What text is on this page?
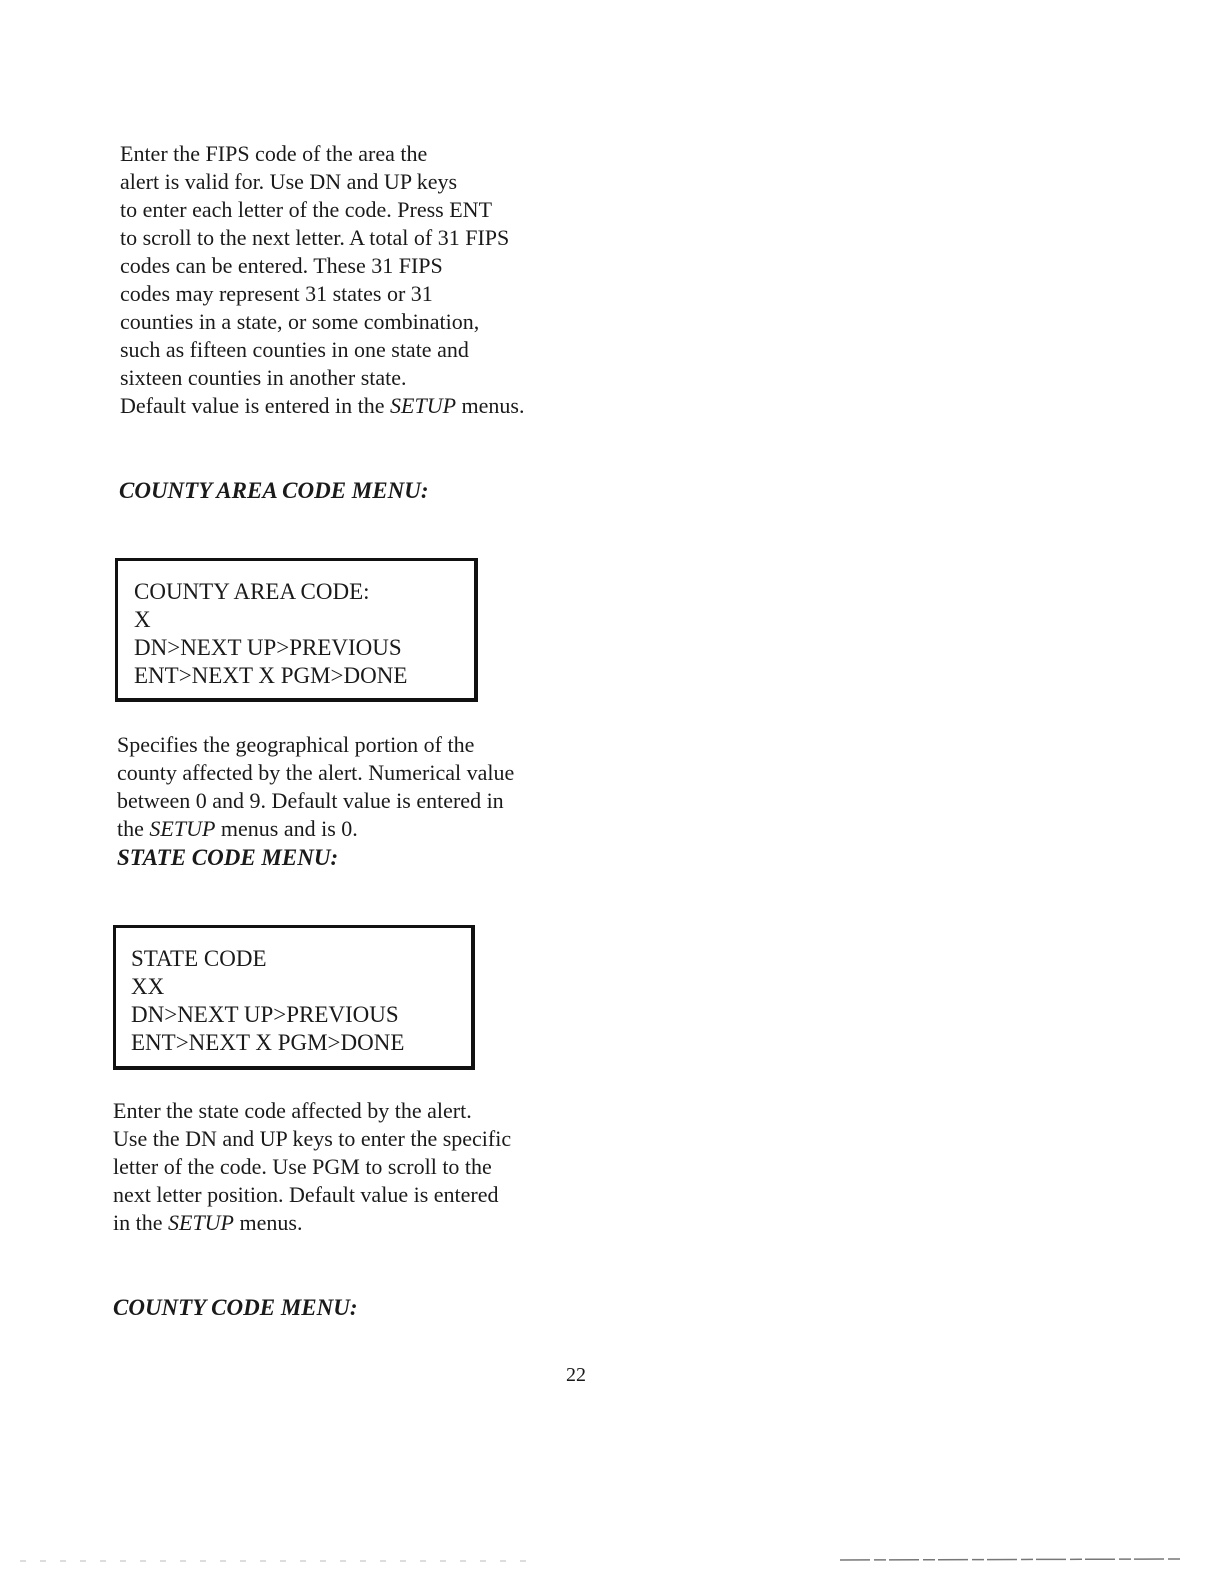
Enter the FIPS code of the area the
alert is valid for. Use DN and UP keys
to enter each letter of the code. Press ENT
to scroll to the next letter. A total of 31 FIPS
codes can be entered. These 31 FIPS
codes may represent 31 states or 31
counties in a state, or some combination,
such as fifteen counties in one state and
sixteen counties in another state.
Default value is entered in the SETUP menus.
COUNTY AREA CODE MENU:
COUNTY AREA CODE:
X
DN>NEXT UP>PREVIOUS
ENT>NEXT X PGM>DONE
Specifies the geographical portion of the
county affected by the alert. Numerical value
between 0 and 9. Default value is entered in
the SETUP menus and is 0.
STATE CODE MENU:
STATE CODE
XX
DN>NEXT UP>PREVIOUS
ENT>NEXT X PGM>DONE
Enter the state code affected by the alert.
Use the DN and UP keys to enter the specific
letter of the code. Use PGM to scroll to the
next letter position. Default value is entered
in the SETUP menus.
COUNTY CODE MENU:
22
